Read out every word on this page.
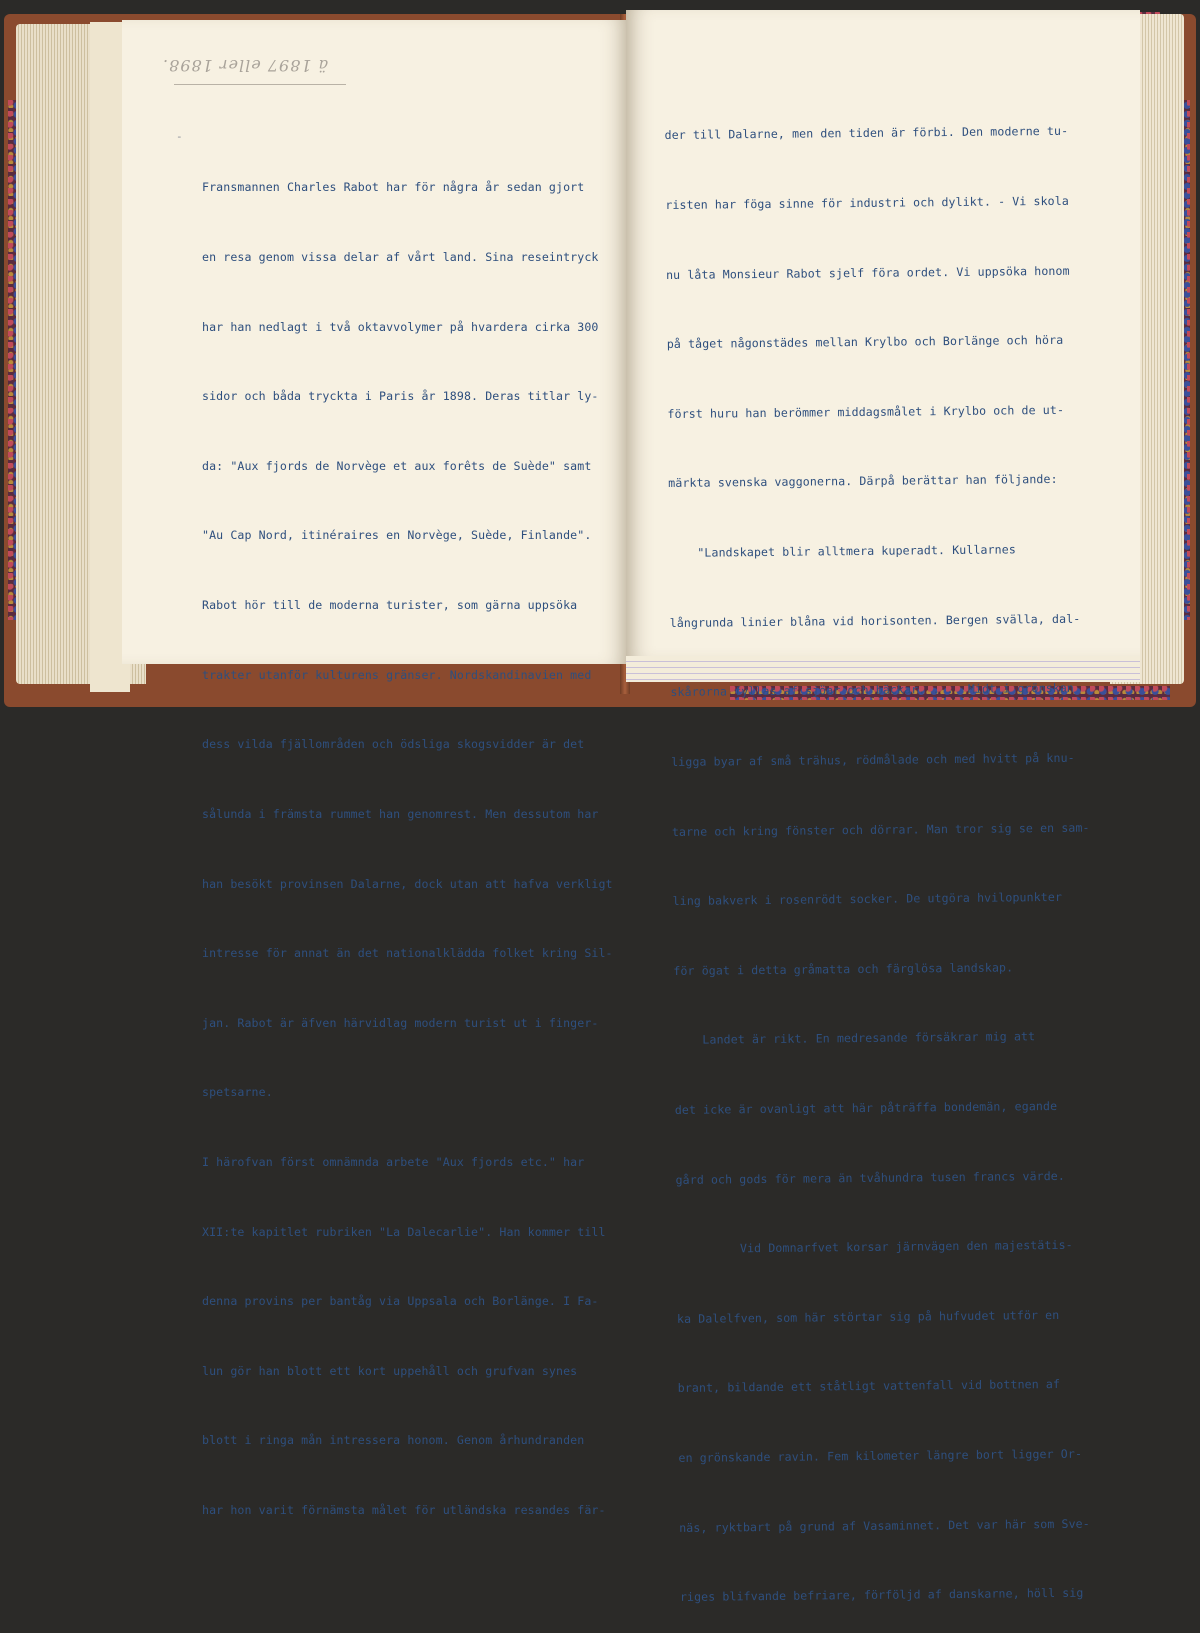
ä 1897 eller 1898.
-

Fransmannen Charles Rabot har för några år sedan gjort

en resa genom vissa delar af vårt land. Sina reseintryck

har han nedlagt i två oktavvolymer på hvardera cirka 300

sidor och båda tryckta i Paris år 1898. Deras titlar ly-

da: "Aux fjords de Norvège et aux forêts de Suède" samt

"Au Cap Nord, itinéraires en Norvège, Suède, Finlande".

Rabot hör till de moderna turister, som gärna uppsöka

trakter utanför kulturens gränser. Nordskandinavien med

dess vilda fjällområden och ödsliga skogsvidder är det

sålunda i främsta rummet han genomrest. Men dessutom har

han besökt provinsen Dalarne, dock utan att hafva verkligt

intresse för annat än det nationalklädda folket kring Sil-

jan. Rabot är äfven härvidlag modern turist ut i finger-

spetsarne.

I härofvan först omnämnda arbete "Aux fjords etc." har

XII:te kapitlet rubriken "La Dalecarlie". Han kommer till

denna provins per bantåg via Uppsala och Borlänge. I Fa-

lun gör han blott ett kort uppehåll och grufvan synes

blott i ringa mån intressera honom. Genom århundranden

har hon varit förnämsta målet för utländska resandes fär-

der till Dalarne, men den tiden är förbi. Den moderne tu-

risten har föga sinne för industri och dylikt. - Vi skola

nu låta Monsieur Rabot sjelf föra ordet. Vi uppsöka honom

på tåget någonstädes mellan Krylbo och Borlänge och höra

först huru han berömmer middagsmålet i Krylbo och de ut-

märkta svenska vaggonerna. Därpå berättar han följande:

"Landskapet blir alltmera kuperadt. Kullarnes

långrunda linier blåna vid horisonten. Bergen svälla, dal-

skårorna fyllas af sjöar och bäckar. . .  Midt i grönskan

ligga byar af små trähus, rödmålade och med hvitt på knu-

tarne och kring fönster och dörrar. Man tror sig se en sam-

ling bakverk i rosenrödt socker. De utgöra hvilopunkter

för ögat i detta gråmatta och färglösa landskap.

Landet är rikt. En medresande försäkrar mig att

det icke är ovanligt att här påträffa bondemän, egande

gård och gods för mera än tvåhundra tusen francs värde.

Vid Domnarfvet korsar järnvägen den majestätis-

ka Dalelfven, som här störtar sig på hufvudet utför en

brant, bildande ett ståtligt vattenfall vid bottnen af

en grönskande ravin. Fem kilometer längre bort ligger Or-

näs, ryktbart på grund af Vasaminnet. Det var här som Sve-

riges blifvande befriare, förföljd af danskarne, höll sig
